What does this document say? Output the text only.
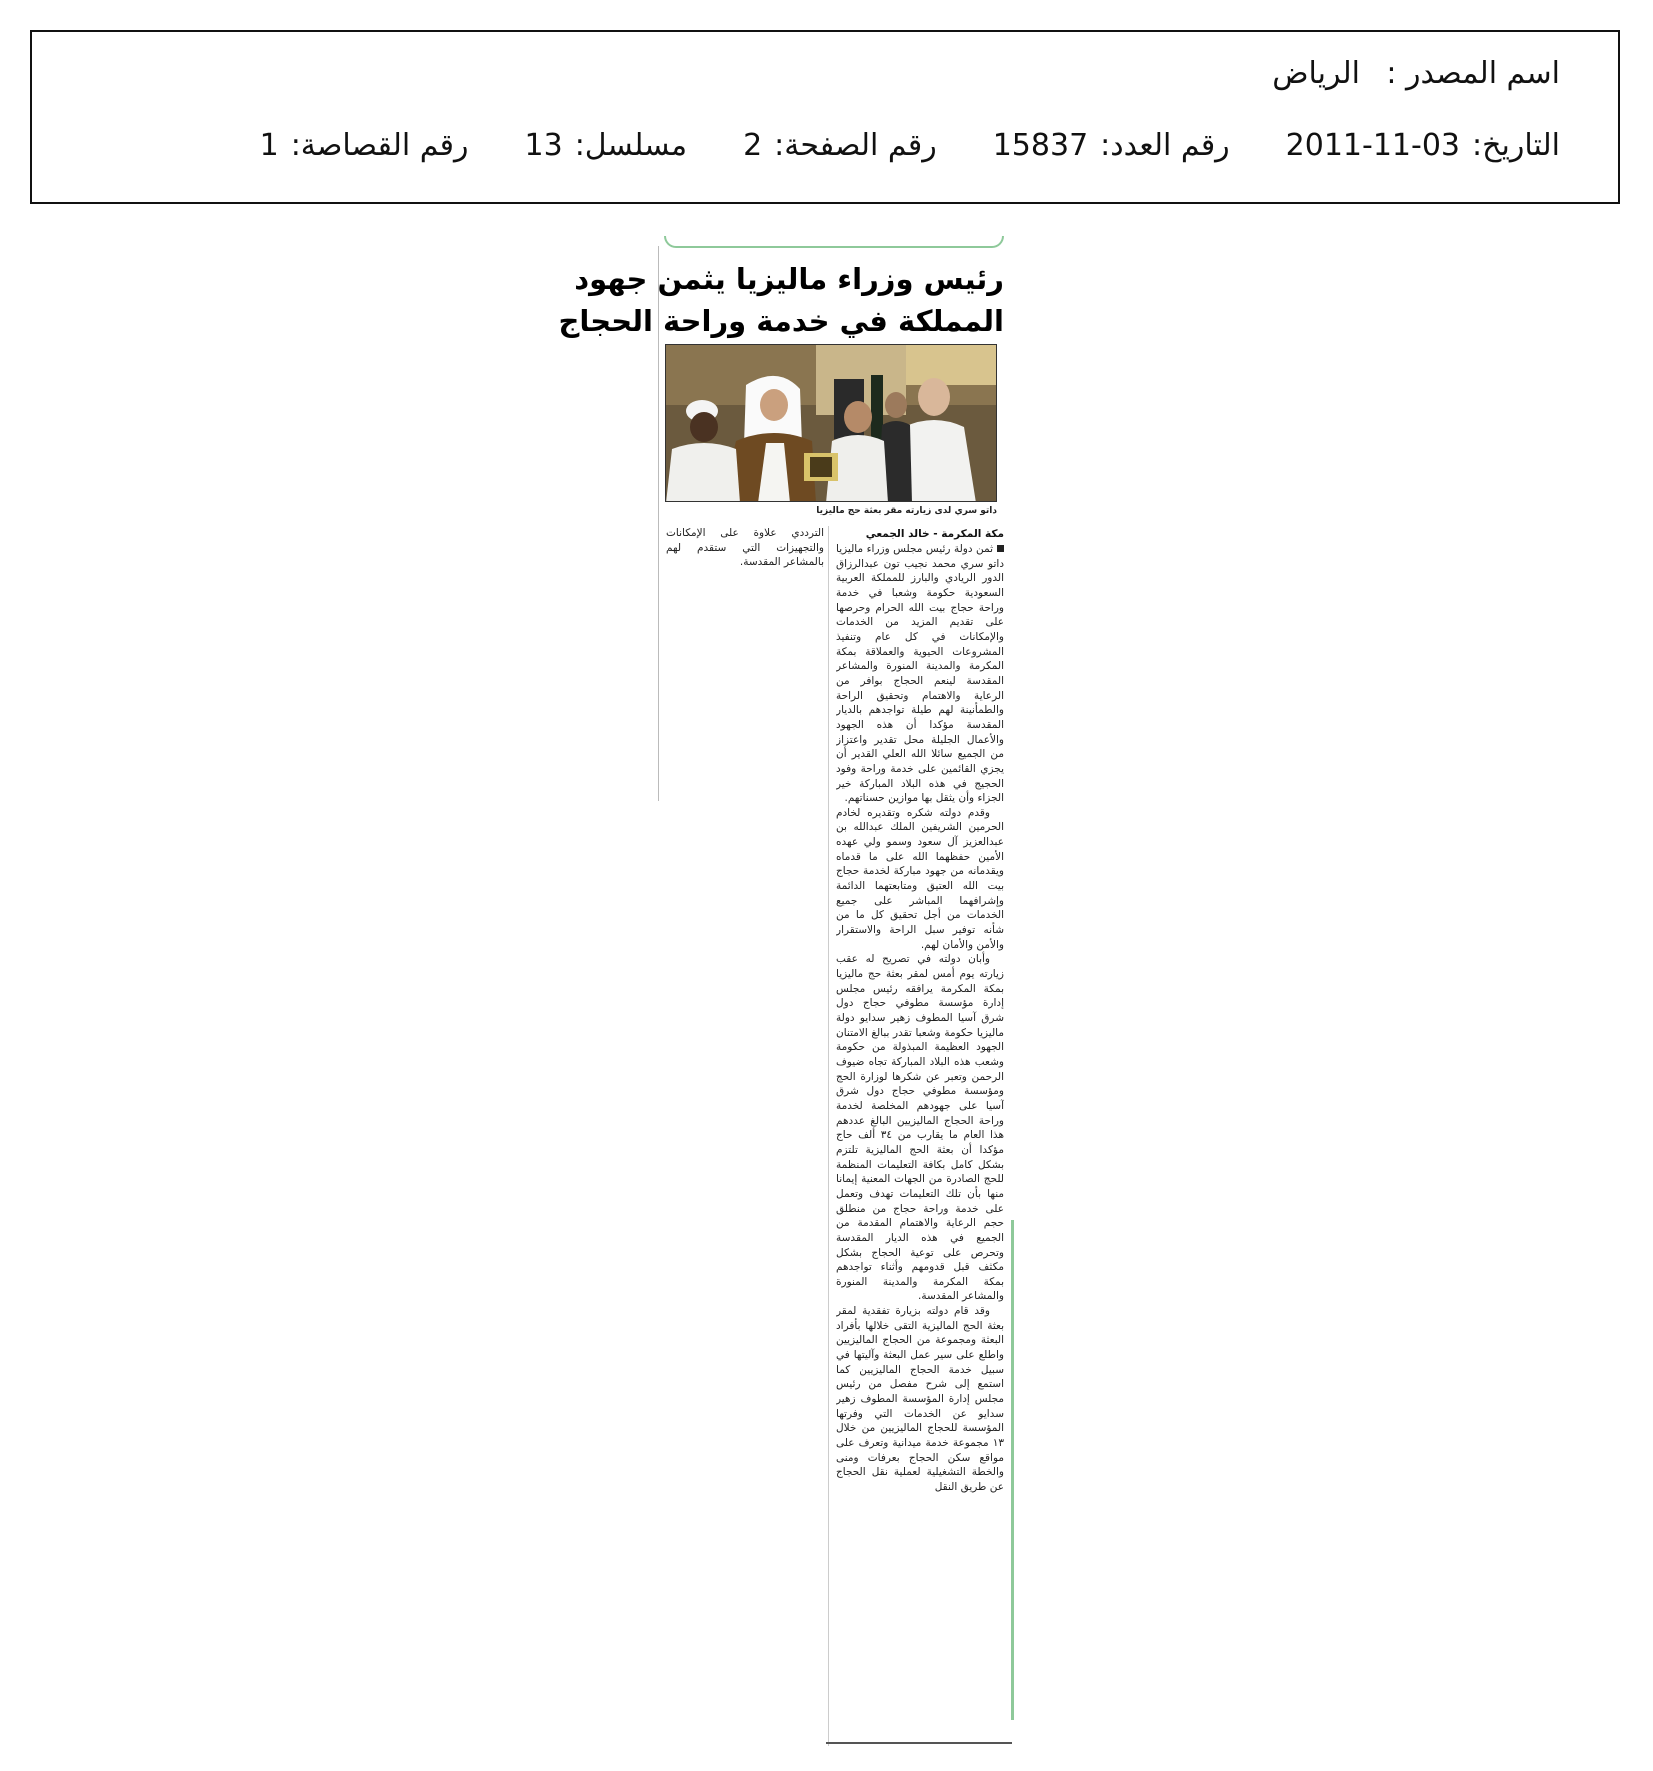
اسم المصدر :
الرياض
التاريخ:
2011-11-03
رقم العدد:
15837
رقم الصفحة:
2
مسلسل:
13
رقم القصاصة:
1
رئيس وزراء ماليزيا يثمن جهود
المملكة في خدمة وراحة الحجاج
داتو سري لدى زيارته مقر بعثة حج ماليزيا
مكة المكرمة - خالد الجمعي

ثمن دولة رئيس مجلس وزراء ماليزيا داتو سري محمد نجيب تون عبدالرزاق الدور الريادي والبارز للمملكة العربية السعودية حكومة وشعبا في خدمة وراحة حجاج بيت الله الحرام وحرصها على تقديم المزيد من الخدمات والإمكانات في كل عام وتنفيذ المشروعات الحيوية والعملاقة بمكة المكرمة والمدينة المنورة والمشاعر المقدسة لينعم الحجاج بوافر من الرعاية والاهتمام وتحقيق الراحة والطمأنينة لهم طيلة تواجدهم بالديار المقدسة مؤكدا أن هذه الجهود والأعمال الجليلة محل تقدير واعتزاز من الجميع سائلا الله العلي القدير أن يجزي القائمين على خدمة وراحة وفود الحجيج في هذه البلاد المباركة خير الجزاء وأن يثقل بها موازين حسناتهم.

وقدم دولته شكره وتقديره لخادم الحرمين الشريفين الملك عبدالله بن عبدالعزيز آل سعود وسمو ولي عهده الأمين حفظهما الله على ما قدماه ويقدمانه من جهود مباركة لخدمة حجاج بيت الله العتيق ومتابعتهما الدائمة وإشرافهما المباشر على جميع الخدمات من أجل تحقيق كل ما من شأنه توفير سبل الراحة والاستقرار والأمن والأمان لهم.

وأبان دولته في تصريح له عقب زيارته يوم أمس لمقر بعثة حج ماليزيا بمكة المكرمة يرافقه رئيس مجلس إدارة مؤسسة مطوفي حجاج دول شرق آسيا المطوف زهير سدايو دولة ماليزيا حكومة وشعبا تقدر ببالغ الامتنان الجهود العظيمة المبذولة من حكومة وشعب هذه البلاد المباركة تجاه ضيوف الرحمن وتعبر عن شكرها لوزارة الحج ومؤسسة مطوفي حجاج دول شرق آسيا على جهودهم المخلصة لخدمة وراحة الحجاج الماليزيين البالغ عددهم هذا العام ما يقارب من ٣٤ ألف حاج مؤكدا أن بعثة الحج الماليزية تلتزم بشكل كامل بكافة التعليمات المنظمة للحج الصادرة من الجهات المعنية إيمانا منها بأن تلك التعليمات تهدف وتعمل على خدمة وراحة حجاج من منطلق حجم الرعاية والاهتمام المقدمة من الجميع في هذه الديار المقدسة وتحرص على توعية الحجاج بشكل مكثف قبل قدومهم وأثناء تواجدهم بمكة المكرمة والمدينة المنورة والمشاعر المقدسة.

وقد قام دولته بزيارة تفقدية لمقر بعثة الحج الماليزية التقى خلالها بأفراد البعثة ومجموعة من الحجاج الماليزيين واطلع على سير عمل البعثة وآليتها في سبيل خدمة الحجاج الماليزيين كما استمع إلى شرح مفصل من رئيس مجلس إدارة المؤسسة المطوف زهير سدايو عن الخدمات التي وفرتها المؤسسة للحجاج الماليزيين من خلال ١٣ مجموعة خدمة ميدانية وتعرف على مواقع سكن الحجاج بعرفات ومنى والخطة التشغيلية لعملية نقل الحجاج عن طريق النقل

الترددي علاوة على الإمكانات والتجهيزات التي ستقدم لهم بالمشاعر المقدسة.
